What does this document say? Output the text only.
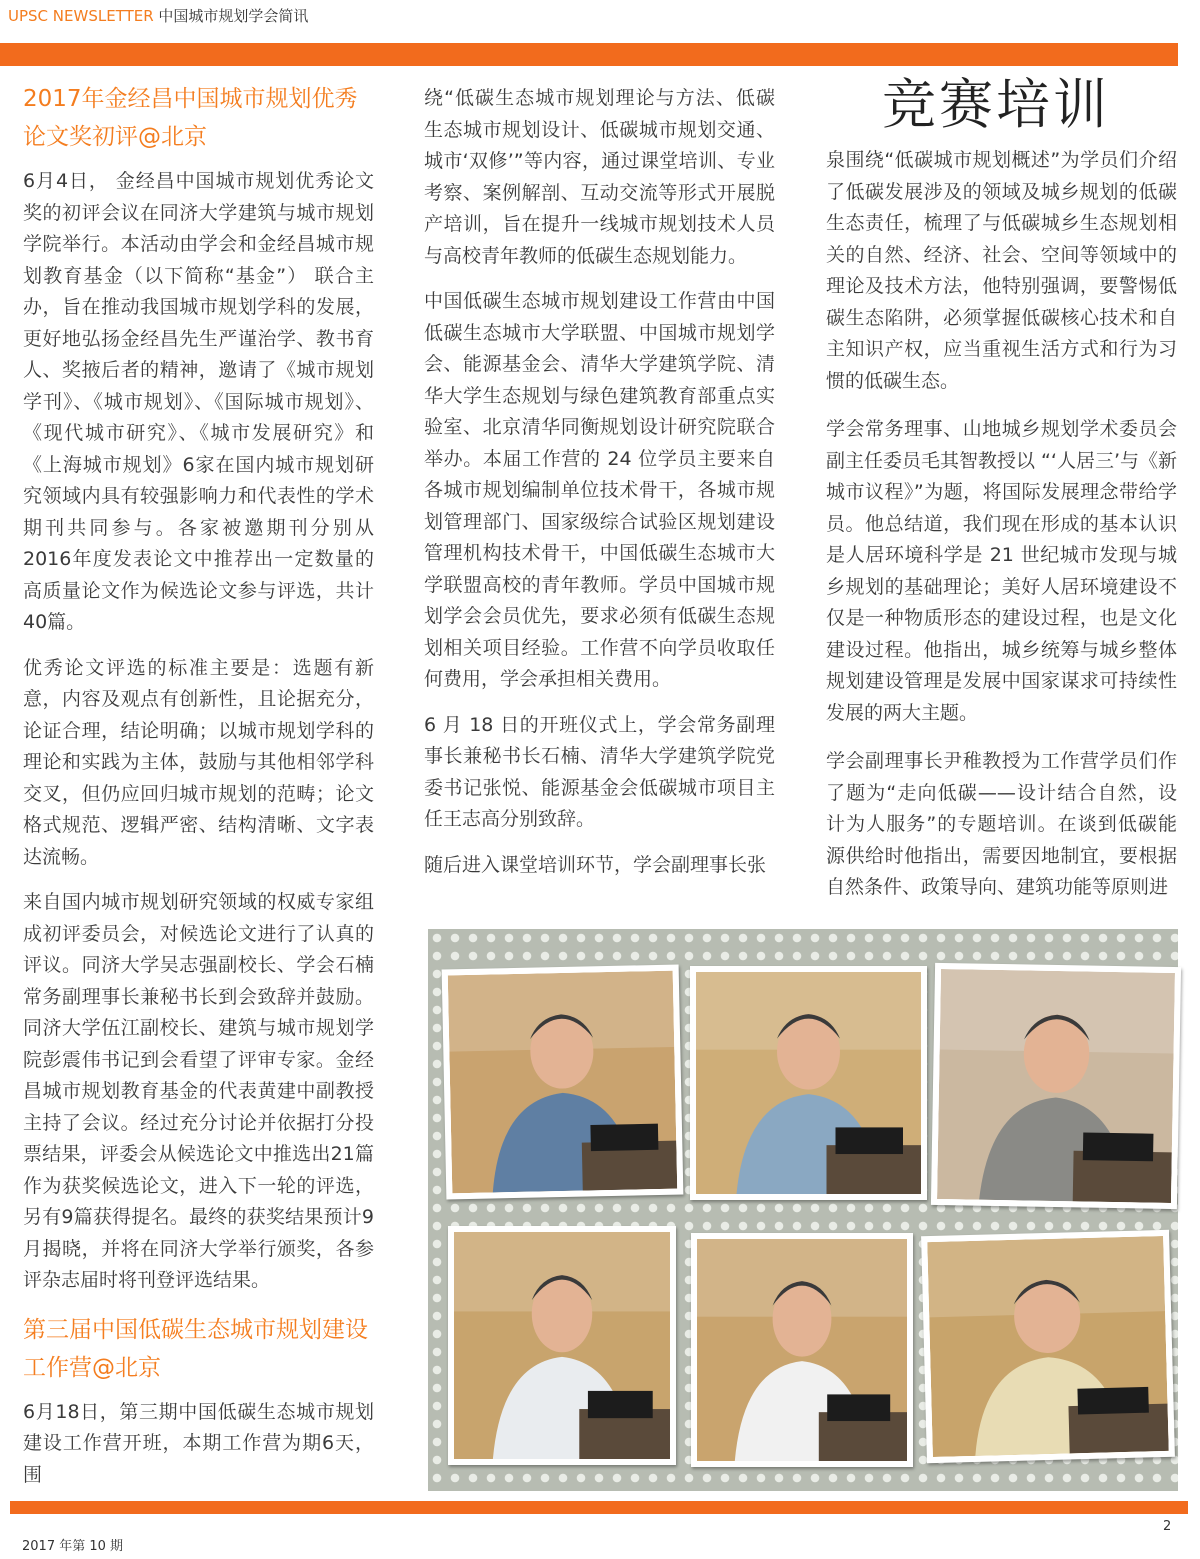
UPSC NEWSLETTER 中国城市规划学会简讯
2017年金经昌中国城市规划优秀论文奖初评@北京

6月4日， 金经昌中国城市规划优秀论文奖的初评会议在同济大学建筑与城市规划学院举行。本活动由学会和金经昌城市规划教育基金（以下简称“基金”） 联合主办，旨在推动我国城市规划学科的发展，更好地弘扬金经昌先生严谨治学、教书育人、奖掖后者的精神，邀请了《城市规划学刊》、《城市规划》、《国际城市规划》、《现代城市研究》、《城市发展研究》和《上海城市规划》6家在国内城市规划研究领域内具有较强影响力和代表性的学术期刊共同参与。各家被邀期刊分别从2016年度发表论文中推荐出一定数量的高质量论文作为候选论文参与评选，共计40篇。

优秀论文评选的标准主要是：选题有新意，内容及观点有创新性，且论据充分，论证合理，结论明确；以城市规划学科的理论和实践为主体，鼓励与其他相邻学科交叉，但仍应回归城市规划的范畴；论文格式规范、逻辑严密、结构清晰、文字表达流畅。

来自国内城市规划研究领域的权威专家组成初评委员会，对候选论文进行了认真的评议。同济大学吴志强副校长、学会石楠常务副理事长兼秘书长到会致辞并鼓励。同济大学伍江副校长、建筑与城市规划学院彭震伟书记到会看望了评审专家。金经昌城市规划教育基金的代表黄建中副教授主持了会议。经过充分讨论并依据打分投票结果，评委会从候选论文中推选出21篇作为获奖候选论文，进入下一轮的评选，另有9篇获得提名。最终的获奖结果预计9月揭晓，并将在同济大学举行颁奖，各参评杂志届时将刊登评选结果。

第三届中国低碳生态城市规划建设工作营@北京

6月18日，第三期中国低碳生态城市规划建设工作营开班，本期工作营为期6天，围

绕“低碳生态城市规划理论与方法、低碳生态城市规划设计、低碳城市规划交通、城市‘双修’”等内容，通过课堂培训、专业考察、案例解剖、互动交流等形式开展脱产培训，旨在提升一线城市规划技术人员与高校青年教师的低碳生态规划能力。

中国低碳生态城市规划建设工作营由中国低碳生态城市大学联盟、中国城市规划学会、能源基金会、清华大学建筑学院、清华大学生态规划与绿色建筑教育部重点实验室、北京清华同衡规划设计研究院联合举办。本届工作营的 24 位学员主要来自各城市规划编制单位技术骨干，各城市规划管理部门、国家级综合试验区规划建设管理机构技术骨干，中国低碳生态城市大学联盟高校的青年教师。学员中国城市规划学会会员优先，要求必须有低碳生态规划相关项目经验。工作营不向学员收取任何费用，学会承担相关费用。

6 月 18 日的开班仪式上，学会常务副理事长兼秘书长石楠、清华大学建筑学院党委书记张悦、能源基金会低碳城市项目主任王志高分别致辞。

随后进入课堂培训环节，学会副理事长张

竞赛培训

泉围绕“低碳城市规划概述”为学员们介绍了低碳发展涉及的领域及城乡规划的低碳生态责任，梳理了与低碳城乡生态规划相关的自然、经济、社会、空间等领域中的理论及技术方法，他特别强调，要警惕低碳生态陷阱，必须掌握低碳核心技术和自主知识产权，应当重视生活方式和行为习惯的低碳生态。

学会常务理事、山地城乡规划学术委员会副主任委员毛其智教授以 “‘人居三’与《新城市议程》”为题，将国际发展理念带给学员。他总结道，我们现在形成的基本认识是人居环境科学是 21 世纪城市发现与城乡规划的基础理论；美好人居环境建设不仅是一种物质形态的建设过程，也是文化建设过程。他指出，城乡统筹与城乡整体规划建设管理是发展中国家谋求可持续性发展的两大主题。

学会副理事长尹稚教授为工作营学员们作了题为“走向低碳——设计结合自然，设计为人服务”的专题培训。在谈到低碳能源供给时他指出，需要因地制宜，要根据自然条件、政策导向、建筑功能等原则进

2
2017 年第 10 期
